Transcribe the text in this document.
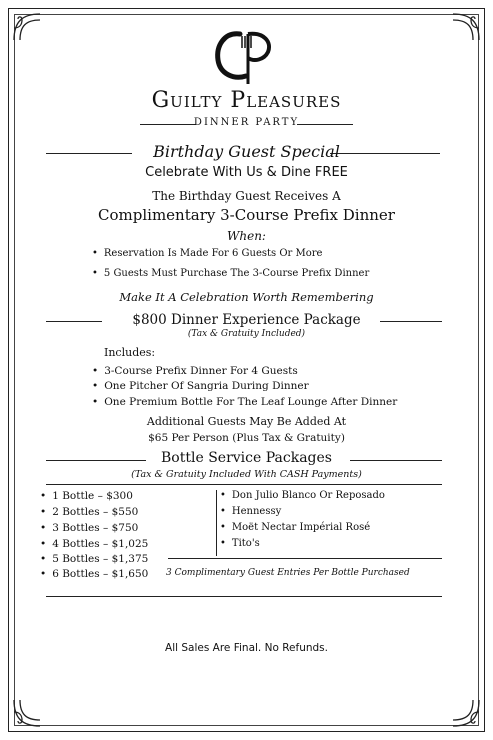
Guilty Pleasures
DINNER PARTY
Birthday Guest Special
Celebrate With Us & Dine FREE
The Birthday Guest Receives A
Complimentary 3-Course Prefix Dinner
When:
• Reservation Is Made For 6 Guests Or More
• 5 Guests Must Purchase The 3-Course Prefix Dinner
Make It A Celebration Worth Remembering
$800 Dinner Experience Package
(Tax & Gratuity Included)
Includes:
• 3-Course Prefix Dinner For 4 Guests
• One Pitcher Of Sangria During Dinner
• One Premium Bottle For The Leaf Lounge After Dinner
Additional Guests May Be Added At
$65 Per Person (Plus Tax & Gratuity)
Bottle Service Packages
(Tax & Gratuity Included With CASH Payments)
• 1 Bottle – $300
• 2 Bottles – $550
• 3 Bottles – $750
• 4 Bottles – $1,025
• 5 Bottles – $1,375
• 6 Bottles – $1,650
• Don Julio Blanco Or Reposado
• Hennessy
• Moët Nectar Impérial Rosé
• Tito's
3 Complimentary Guest Entries Per Bottle Purchased
All Sales Are Final. No Refunds.
